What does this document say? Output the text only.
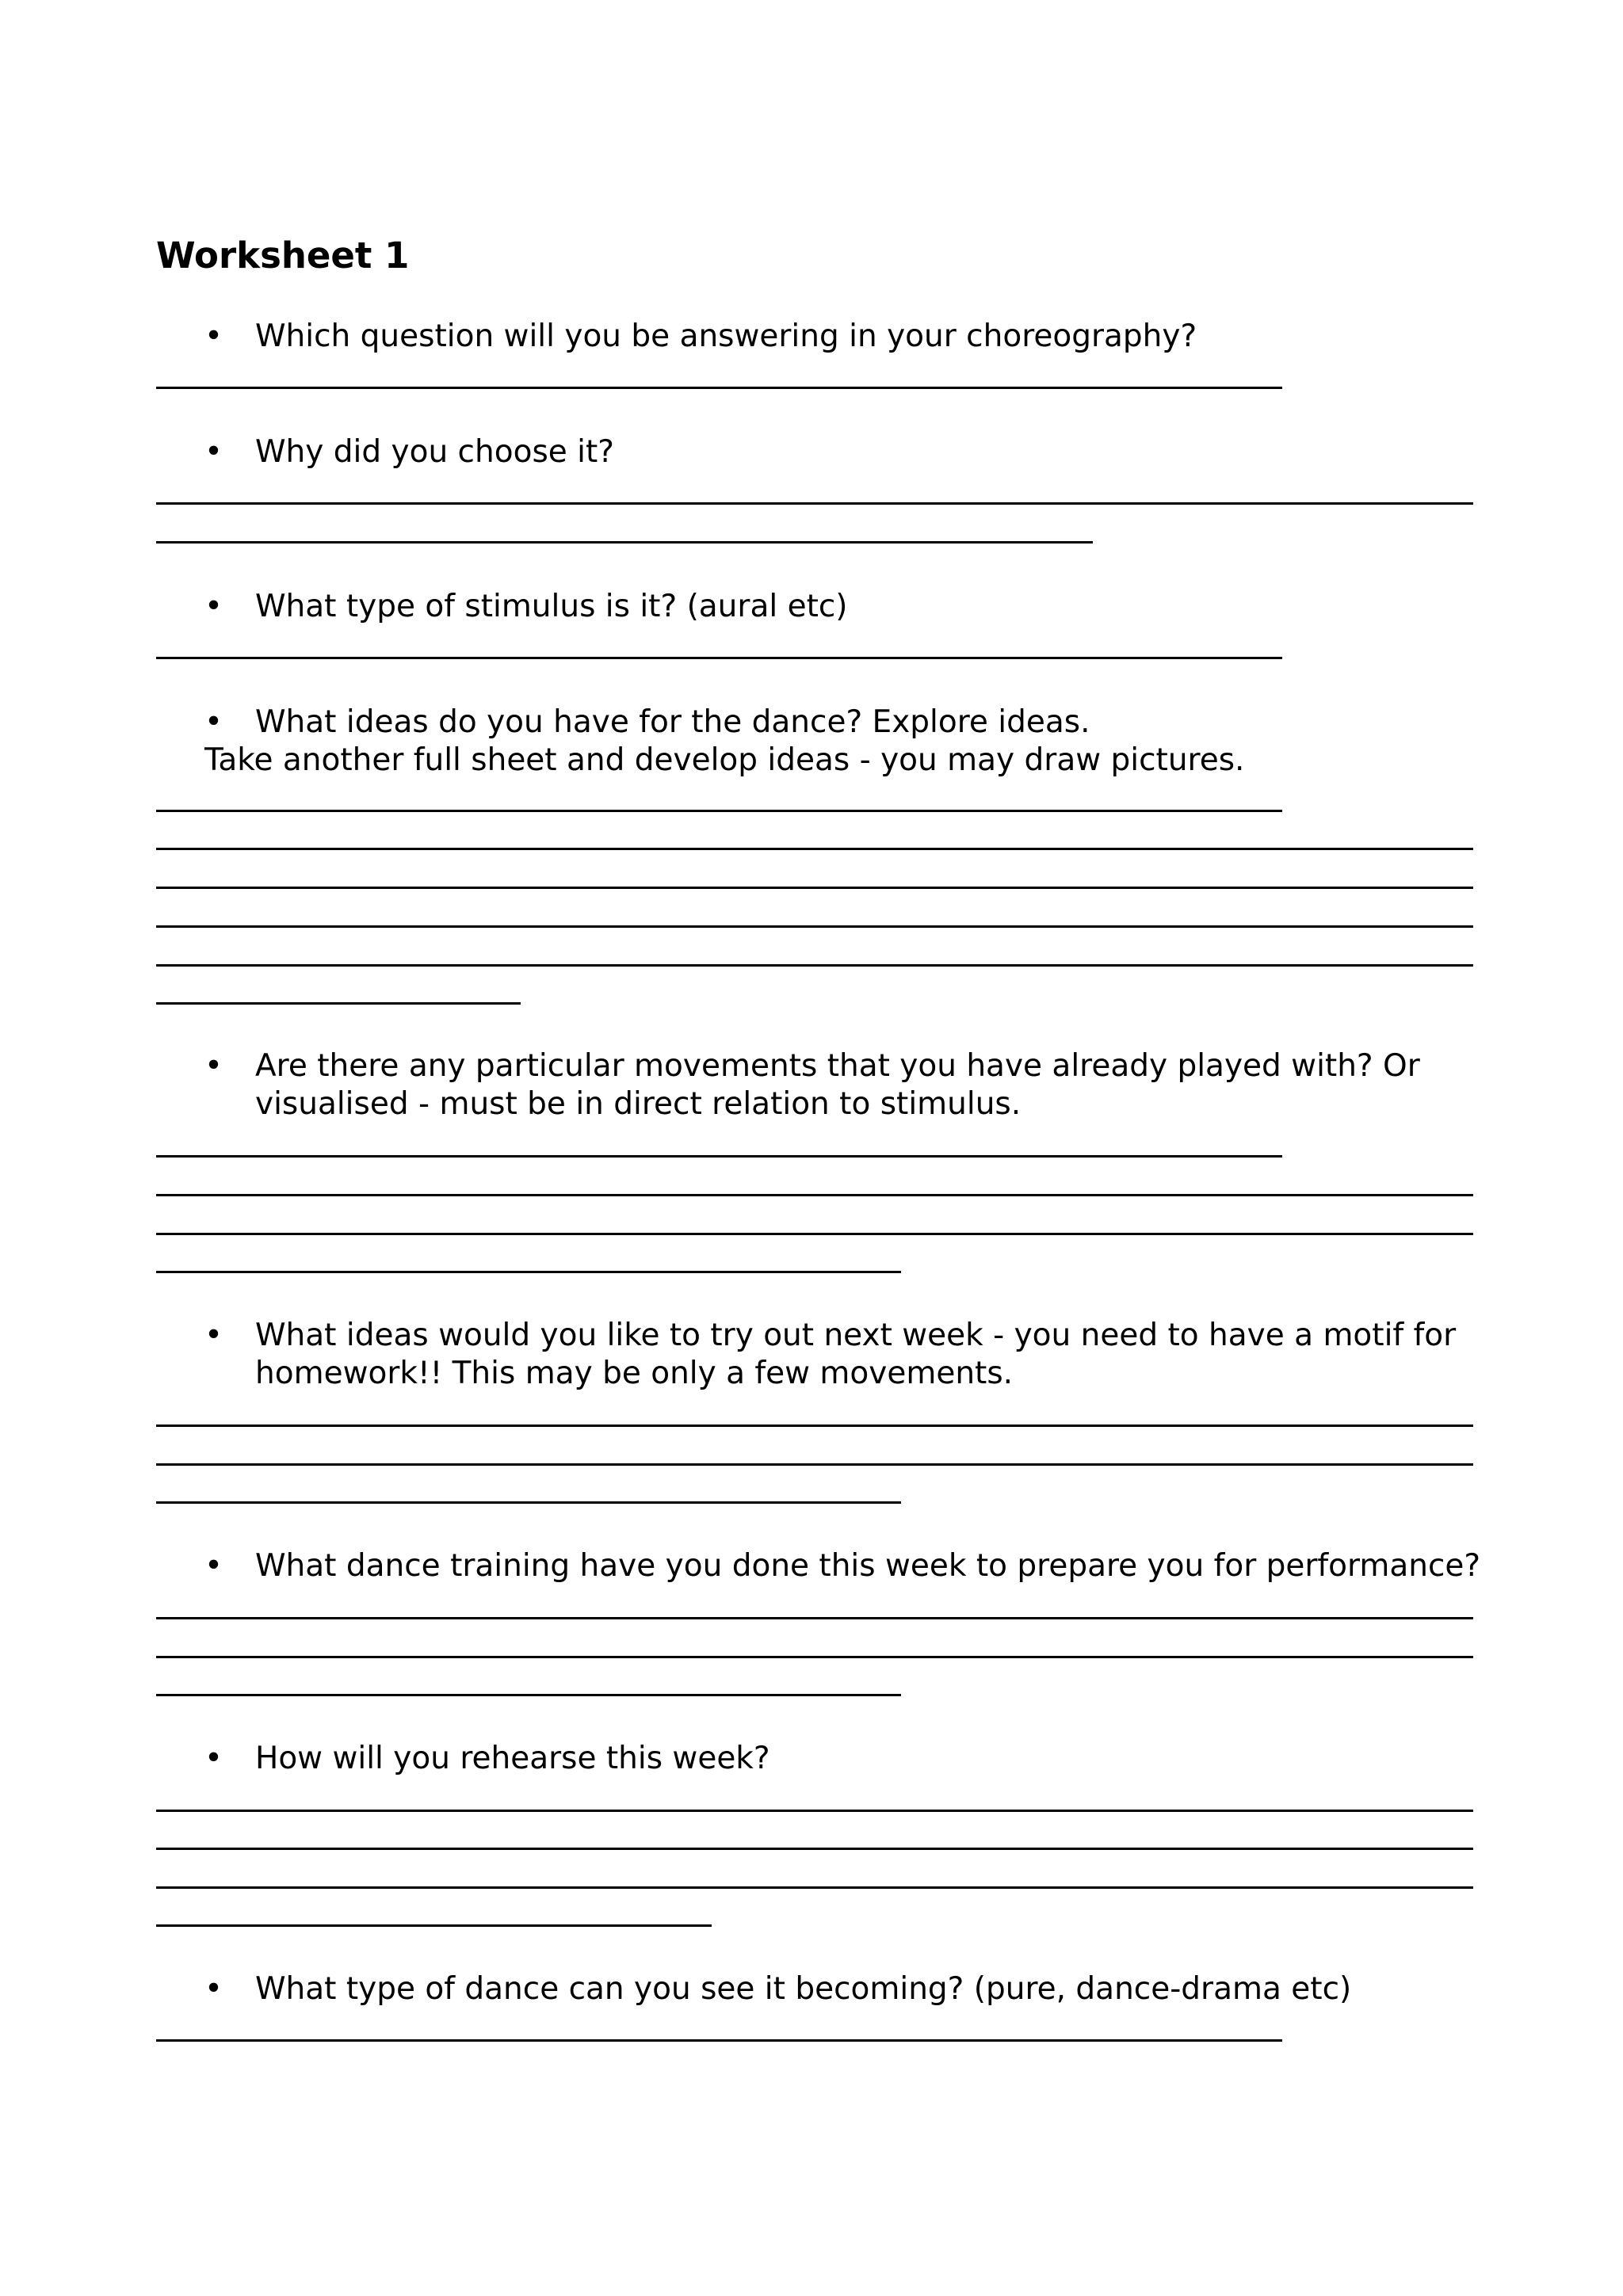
Worksheet 1
• Which question will you be answering in your choreography?
• Why did you choose it?
• What type of stimulus is it? (aural etc)
• What ideas do you have for the dance? Explore ideas.
Take another full sheet and develop ideas - you may draw pictures.
• Are there any particular movements that you have already played with? Or
visualised - must be in direct relation to stimulus.
• What ideas would you like to try out next week - you need to have a motif for
homework!! This may be only a few movements.
• What dance training have you done this week to prepare you for performance?
• How will you rehearse this week?
• What type of dance can you see it becoming? (pure, dance-drama etc)
